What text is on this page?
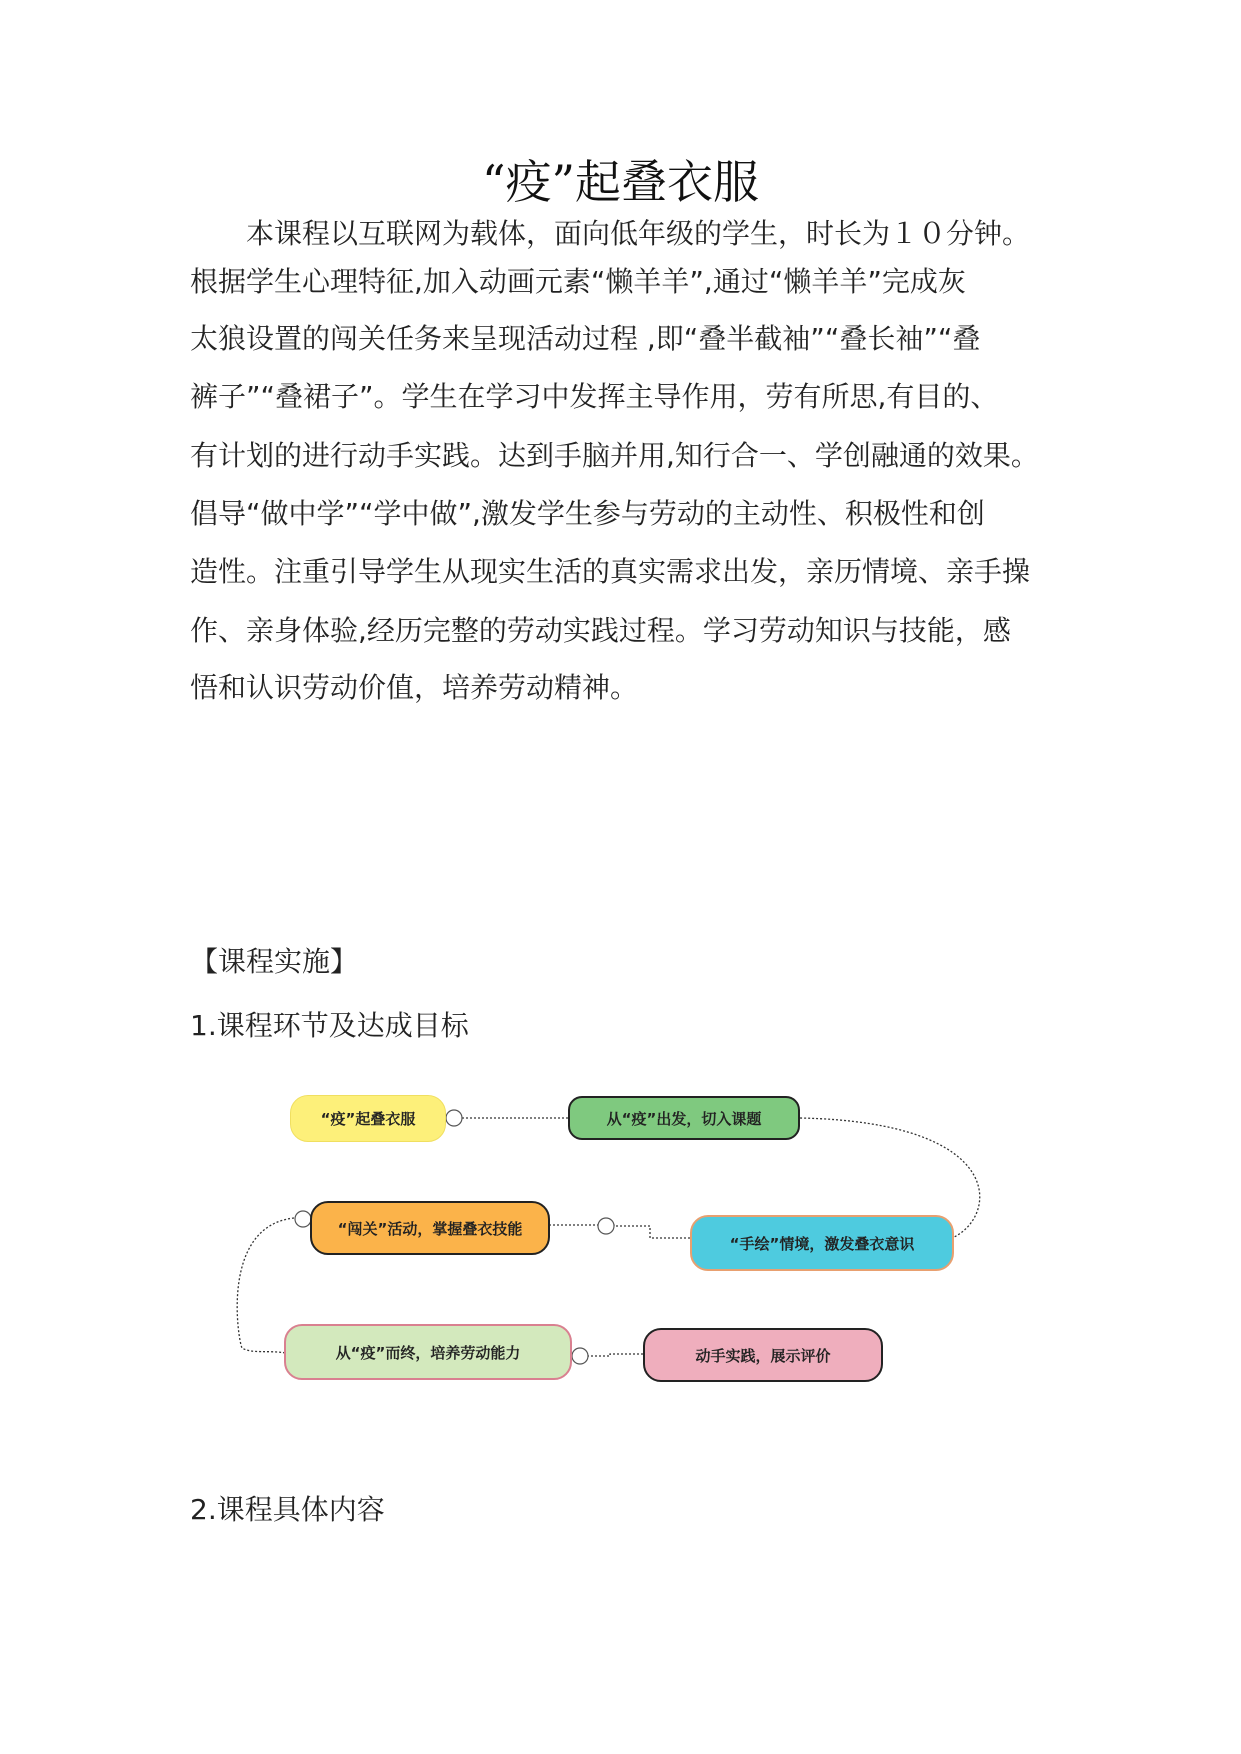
“疫”起叠衣服
　　本课程以互联网为载体，面向低年级的学生，时长为１０分钟。
根据学生心理特征,加入动画元素“懒羊羊”,通过“懒羊羊”完成灰
太狼设置的闯关任务来呈现活动过程 ,即“叠半截袖”“叠长袖”“叠
裤子”“叠裙子”。学生在学习中发挥主导作用，劳有所思,有目的、
有计划的进行动手实践。达到手脑并用,知行合一、学创融通的效果。
倡导“做中学”“学中做”,激发学生参与劳动的主动性、积极性和创
造性。注重引导学生从现实生活的真实需求出发，亲历情境、亲手操
作、亲身体验,经历完整的劳动实践过程。学习劳动知识与技能，感
悟和认识劳动价值，培养劳动精神。
【课程实施】
1.课程环节及达成目标
2.课程具体内容
“疫”起叠衣服	从“疫”出发，切入课题
“手绘”情境，激发叠衣意识
“闯关”活动，掌握叠衣技能
动手实践，展示评价
从“疫”而终，培养劳动能力
